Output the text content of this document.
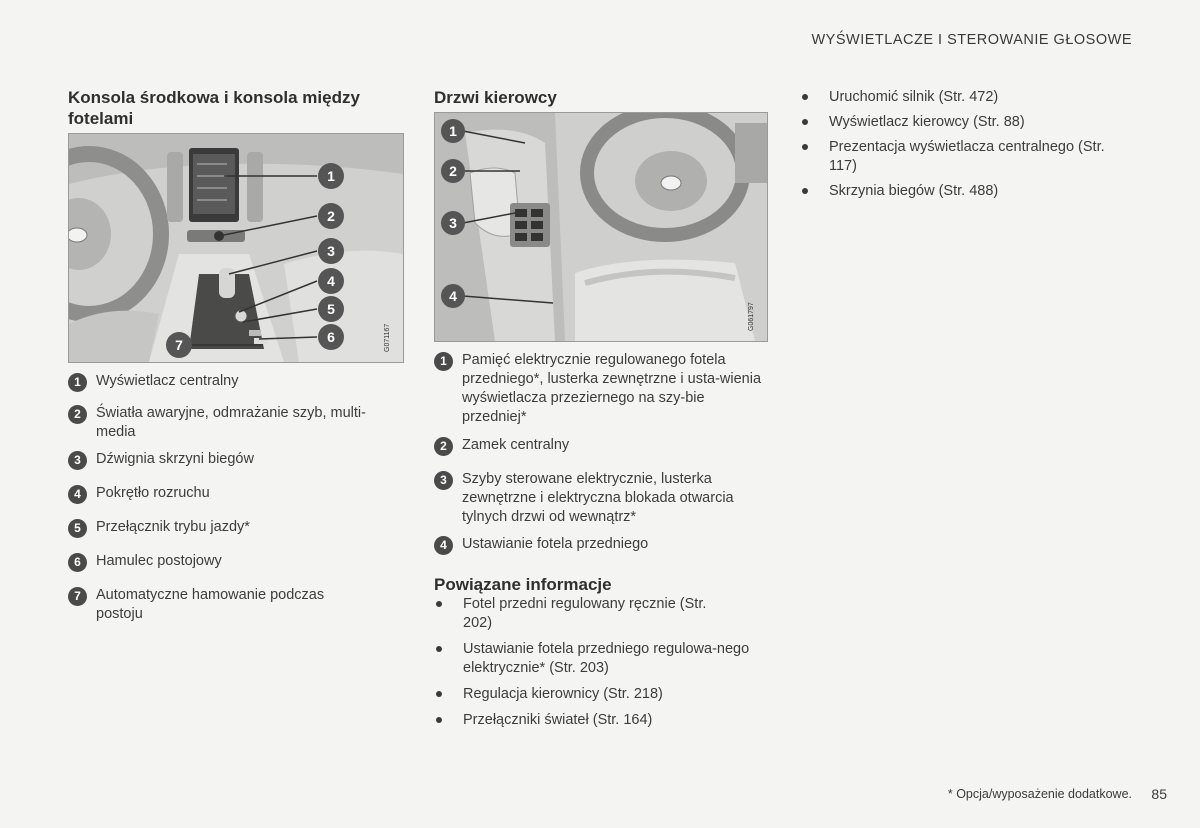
WYŚWIETLACZE I STEROWANIE GŁOSOWE
Konsola środkowa i konsola między fotelami
1
2
3
4
5
6
7	G071167
1	Wyświetlacz centralny
2	Światła awaryjne, odmrażanie szyb, multi-media
3	Dźwignia skrzyni biegów
4	Pokrętło rozruchu
5	Przełącznik trybu jazdy*
6	Hamulec postojowy
7	Automatyczne hamowanie podczas postoju
Drzwi kierowcy
1
2
3
4
G061797
1	Pamięć elektrycznie regulowanego fotela przedniego*, lusterka zewnętrzne i usta-wienia wyświetlacza przeziernego na szy-bie przedniej*
2	Zamek centralny
3	Szyby sterowane elektrycznie, lusterka zewnętrzne i elektryczna blokada otwarcia tylnych drzwi od wewnątrz*
4	Ustawianie fotela przedniego
Powiązane informacje
Fotel przedni regulowany ręcznie (Str. 202)
Ustawianie fotela przedniego regulowa-nego elektrycznie* (Str. 203)
Regulacja kierownicy (Str. 218)
Przełączniki świateł (Str. 164)
Uruchomić silnik (Str. 472)
Wyświetlacz kierowcy (Str. 88)
Prezentacja wyświetlacza centralnego (Str. 117)
Skrzynia biegów (Str. 488)
* Opcja/wyposażenie dodatkowe. 85
